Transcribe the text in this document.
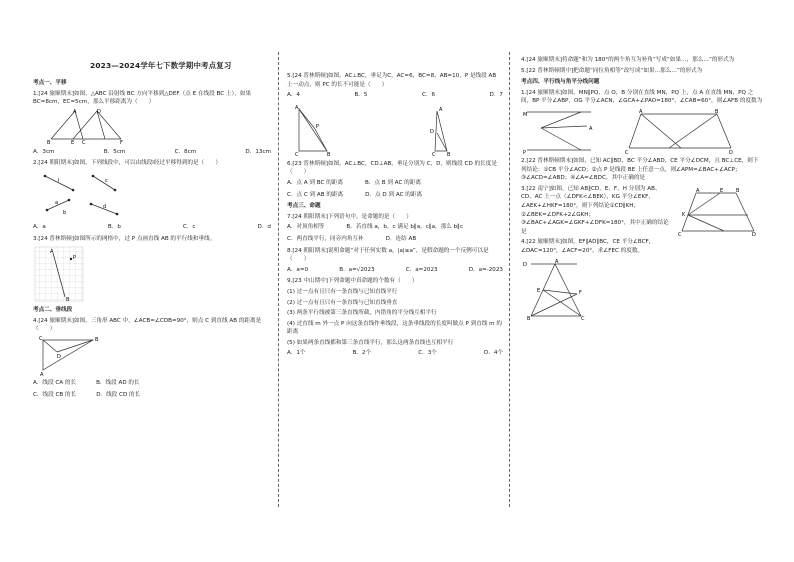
2023—2024学年七下数学期中考点复习

考点一、平移

1.[24 旅顺期末]如图，△ABC 沿射线 BC 方向平移到△DEF（点 E 在线段 BC 上），如果 BC=8cm，EC=5cm，那么平移距离为（　　）

B	E C	F
A	D

A．3cm	B．5cm	C．8cm	D．13cm

2.[24 朝阳期末]如图，下列线段中，可以由线段l经过平移得到的是（　　）

l	c
a
d
b

A．a	B．b	C．c	D．d

3.[24 普林斯顿]如图所示的网格中，过 P 点画直线 AB 的平行线和垂线。

A
B
P

考点二、垂线段

4.[24 旅顺期末]如图，三角形 ABC 中，∠ACB=∠CDB=90°，则点 C 到直线 AB 的距离是（　　）

C	B
D
A

A．线段 CA 的长	B．线段 AD 的长

C．线段 CB 的长	D．线段 CD 的长

5.[24 普林斯顿]如图，AC⊥BC，垂足为C，AC=6，BC=8，AB=10，P 是线段 AB 上一动点，则 PC 的长不可能是（　　）

A．4	B．5	C．6	D．7

A
P
C	B
A
D
C B

6.[23 普林斯顿]如图，AC⊥BC，CD⊥AB，垂足分别为 C，D，则线段 CD 的长度是（　　）

A．点 A 到 BC 的距离	B．点 B 到 AC 的距离

C．点 C 到 AB 的距离	D．点 D 到 AC 的距离

考点三、命题

7.[24 朝阳期末]下列语句中，是命题的是（　　）

A．对顶角相等	B．若直线 a，b，c 满足 b∥a，c∥a，那么 b∥c

C．两直线平行，同旁内角互补	D．连结 AB

8.[24 朝阳期末]说明命题“对于任何实数 a，|a|≥a”，是假命题的一个反例可以是（　　）

A．a=0	B．a=√2023	C．a=2023	D．a=-2023

9.[23 中山期中]下列命题中真命题的个数有（　　）

(1) 过一点有且只有一条直线与已知直线平行

(2) 过一点有且只有一条直线与已知直线垂直

(3) 两条平行线被第三条直线所截，内错角的平分线互相平行

(4) 过直线 m 外一点 P 向这条直线作垂线段，这条垂线段的长度叫做点 P 到直线 m 的距离

(5) 如果两条直线都和第三条直线平行，那么这两条直线也互相平行

A．1个	B．2个	C．3个	D．4个

4.[24 旅顺期末]将命题“和为 180°的两个角互为补角”写成“如果…，那么…”的形式为

5.[22 普林斯顿期中]把命题“同位角相等”改写成“如果…那么…”的形式为

考点四、平行线与角平分线问题

1.[24 旅顺期末]如图，MN∥PQ，点 O，B 分别在直线 MN，PQ 上，点 A 在直线 MN，PQ 之间，BP 平分∠ABP，OG 平分∠ACN，∠GCA+∠PAO=180°，∠CAB=60°，则∠AFB 的度数为

M
P
A
A	B
C	D

2.[22 普林斯顿期末]如图，已知 AC∥BD，BC 平分∠ABD，CE 平分∠DCM，且 BC⊥CE，则下列结论：①CB 平分∠ACD；②点 P 是线段 BE 上任意一点，则∠APM=∠BAC+∠ACP；③∠ACD=∠ABD；④∠A=∠BDC，其中正确的是

A	E	B
K
C	D

3.[22 南宁]如图，已知 AB∥CD，E、F、H 分别为 AB、CD、AC 上一点（∠DFK<∠BEK），KG 平分∠EKF，∠AEK+∠HKF=180°，则下列结论①CD∥KH；②∠BEK=∠DFK+2∠GKH；③∠BAC+∠AGK=∠GKF+∠DFK=180°，其中正确的结论是

4.[22 旅顺期末]如图，EF∥AD∥BC，CE 平分∠BCF，∠DAC=120°，∠ACF=20°，求∠FEC 的度数。

D	A
E	F
B	C
